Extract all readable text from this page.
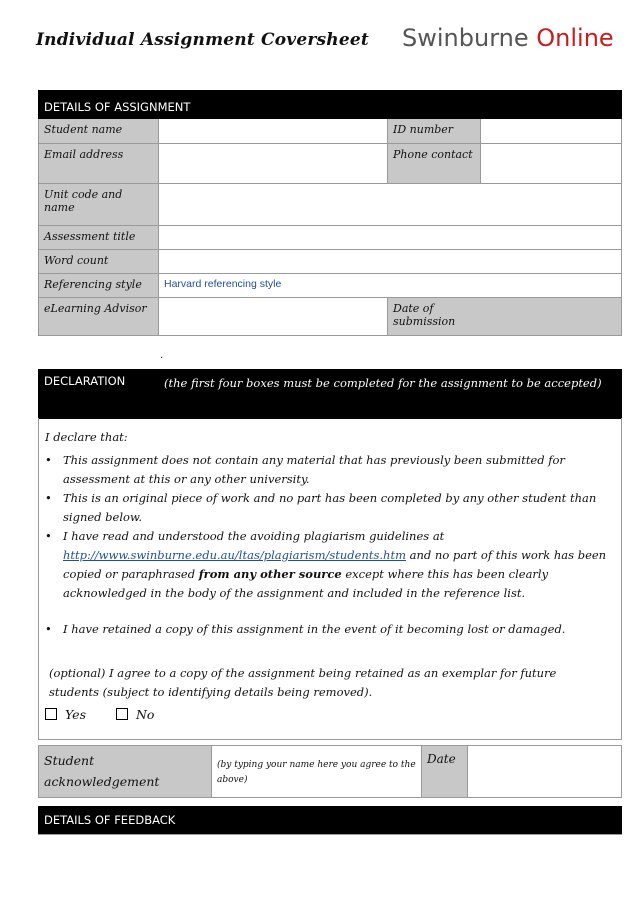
Individual Assignment Coversheet Swinburne Online
DETAILS OF ASSIGNMENT			
Student name		ID number	
Email address		Phone contact	
Unit code and name			
Assessment title			
Word count			
Referencing style	Harvard referencing style		
eLearning Advisor		Date of submission	
.
DECLARATION	(the first four boxes must be completed for the assignment to be accepted)
I declare that:
• This assignment does not contain any material that has previously been submitted for assessment at this or any other university.
• This is an original piece of work and no part has been completed by any other student than signed below.
• I have read and understood the avoiding plagiarism guidelines at http://www.swinburne.edu.au/ltas/plagiarism/students.htm and no part of this work has been copied or paraphrased from any other source except where this has been clearly acknowledged in the body of the assignment and included in the reference list.
• I have retained a copy of this assignment in the event of it becoming lost or damaged.
(optional) I agree to a copy of the assignment being retained as an exemplar for future students (subject to identifying details being removed).
Yes	No
Student acknowledgement	(by typing your name here you agree to the above)	Date	
DETAILS OF FEEDBACK	
